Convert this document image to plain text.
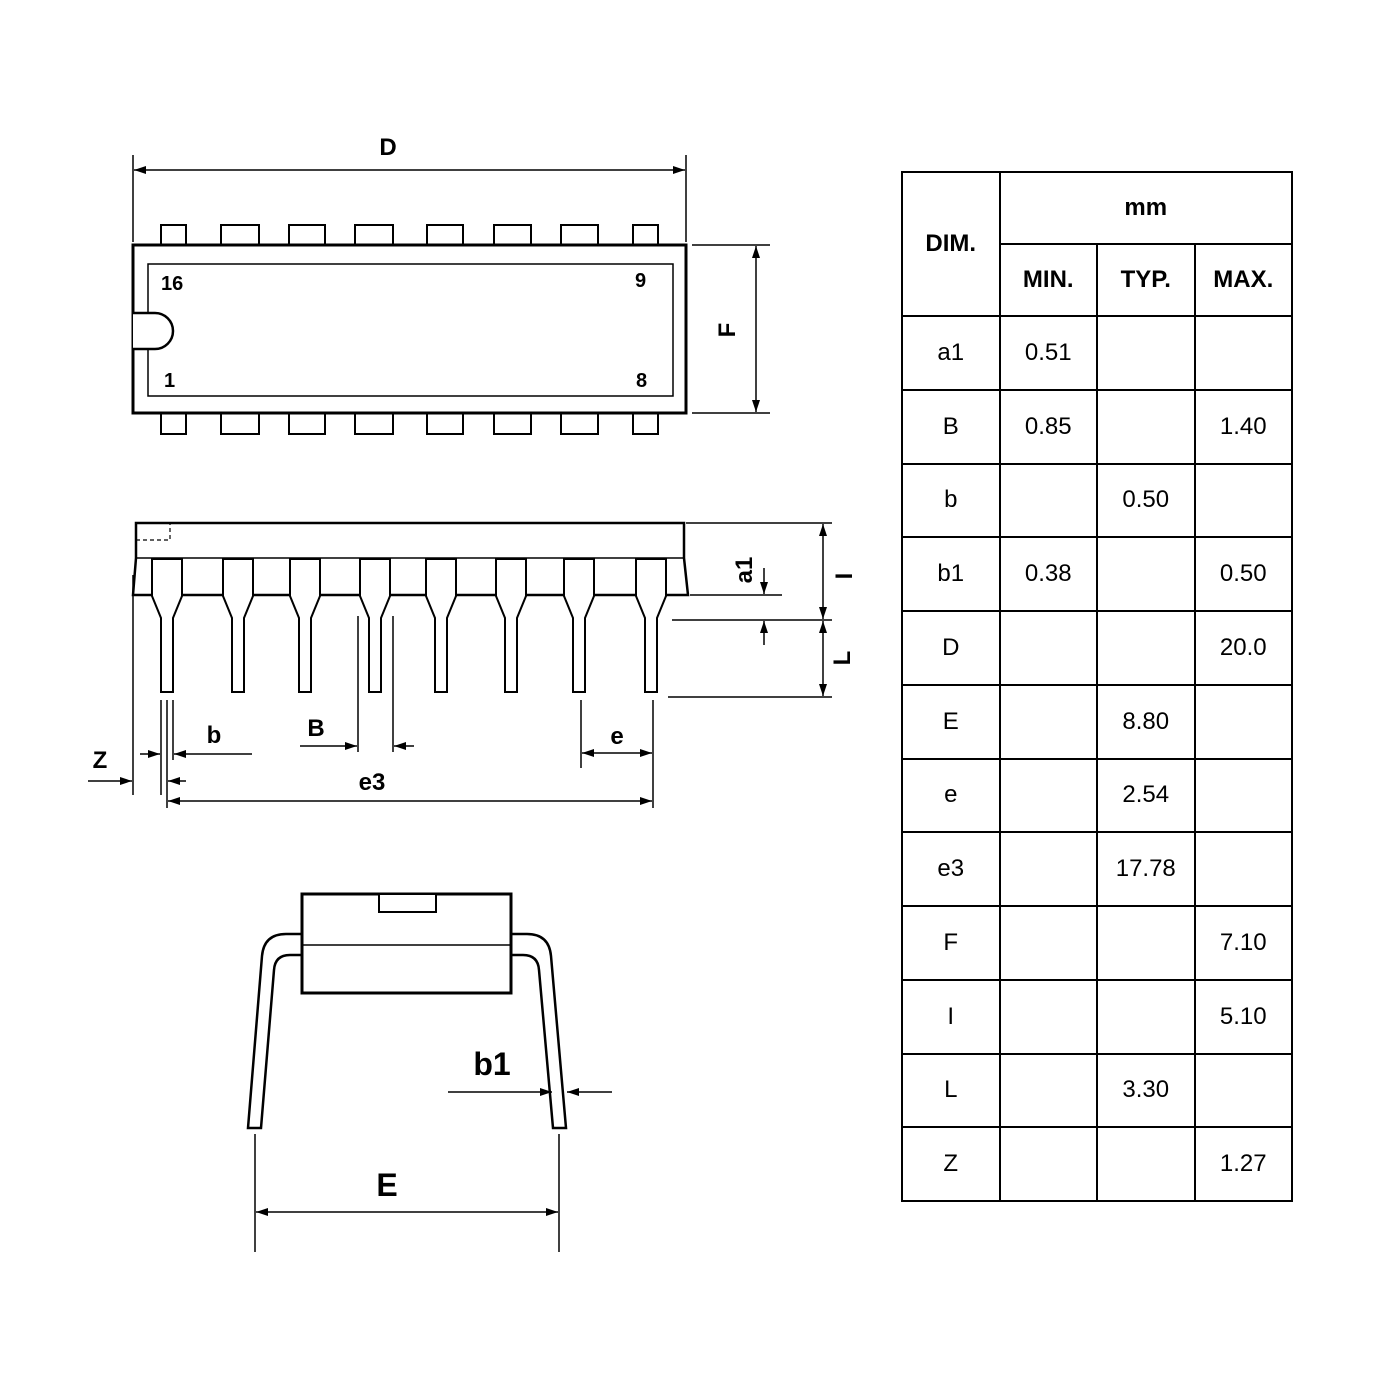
16	9
1	8
D
F
I
L
a1
b
Z
B	e
e3
b1
E
DIM.	mm		
	MIN.	TYP.	MAX.
a1	0.51		
B	0.85		1.40
b		0.50	
b1	0.38		0.50
D			20.0
E		8.80	
e		2.54	
e3		17.78	
F			7.10
I			5.10
L		3.30	
Z			1.27
